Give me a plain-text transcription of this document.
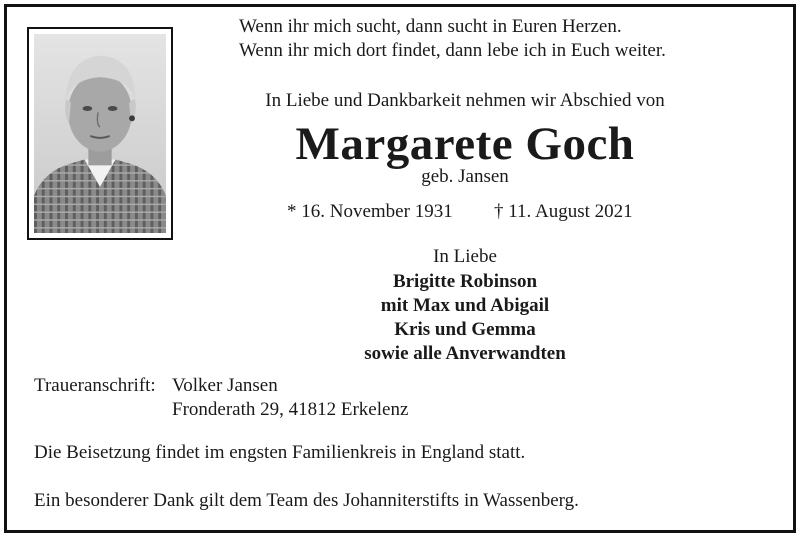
Wenn ihr mich sucht, dann sucht in Euren Herzen.
Wenn ihr mich dort findet, dann lebe ich in Euch weiter.
In Liebe und Dankbarkeit nehmen wir Abschied von
Margarete Goch
geb. Jansen
* 16. November 1931 † 11. August 2021
In Liebe
Brigitte Robinson
mit Max und Abigail
Kris und Gemma
sowie alle Anverwandten
Traueranschrift: Volker Jansen
Fronderath 29, 41812 Erkelenz
Die Beisetzung findet im engsten Familienkreis in England statt.
Ein besonderer Dank gilt dem Team des Johanniterstifts in Wassenberg.
